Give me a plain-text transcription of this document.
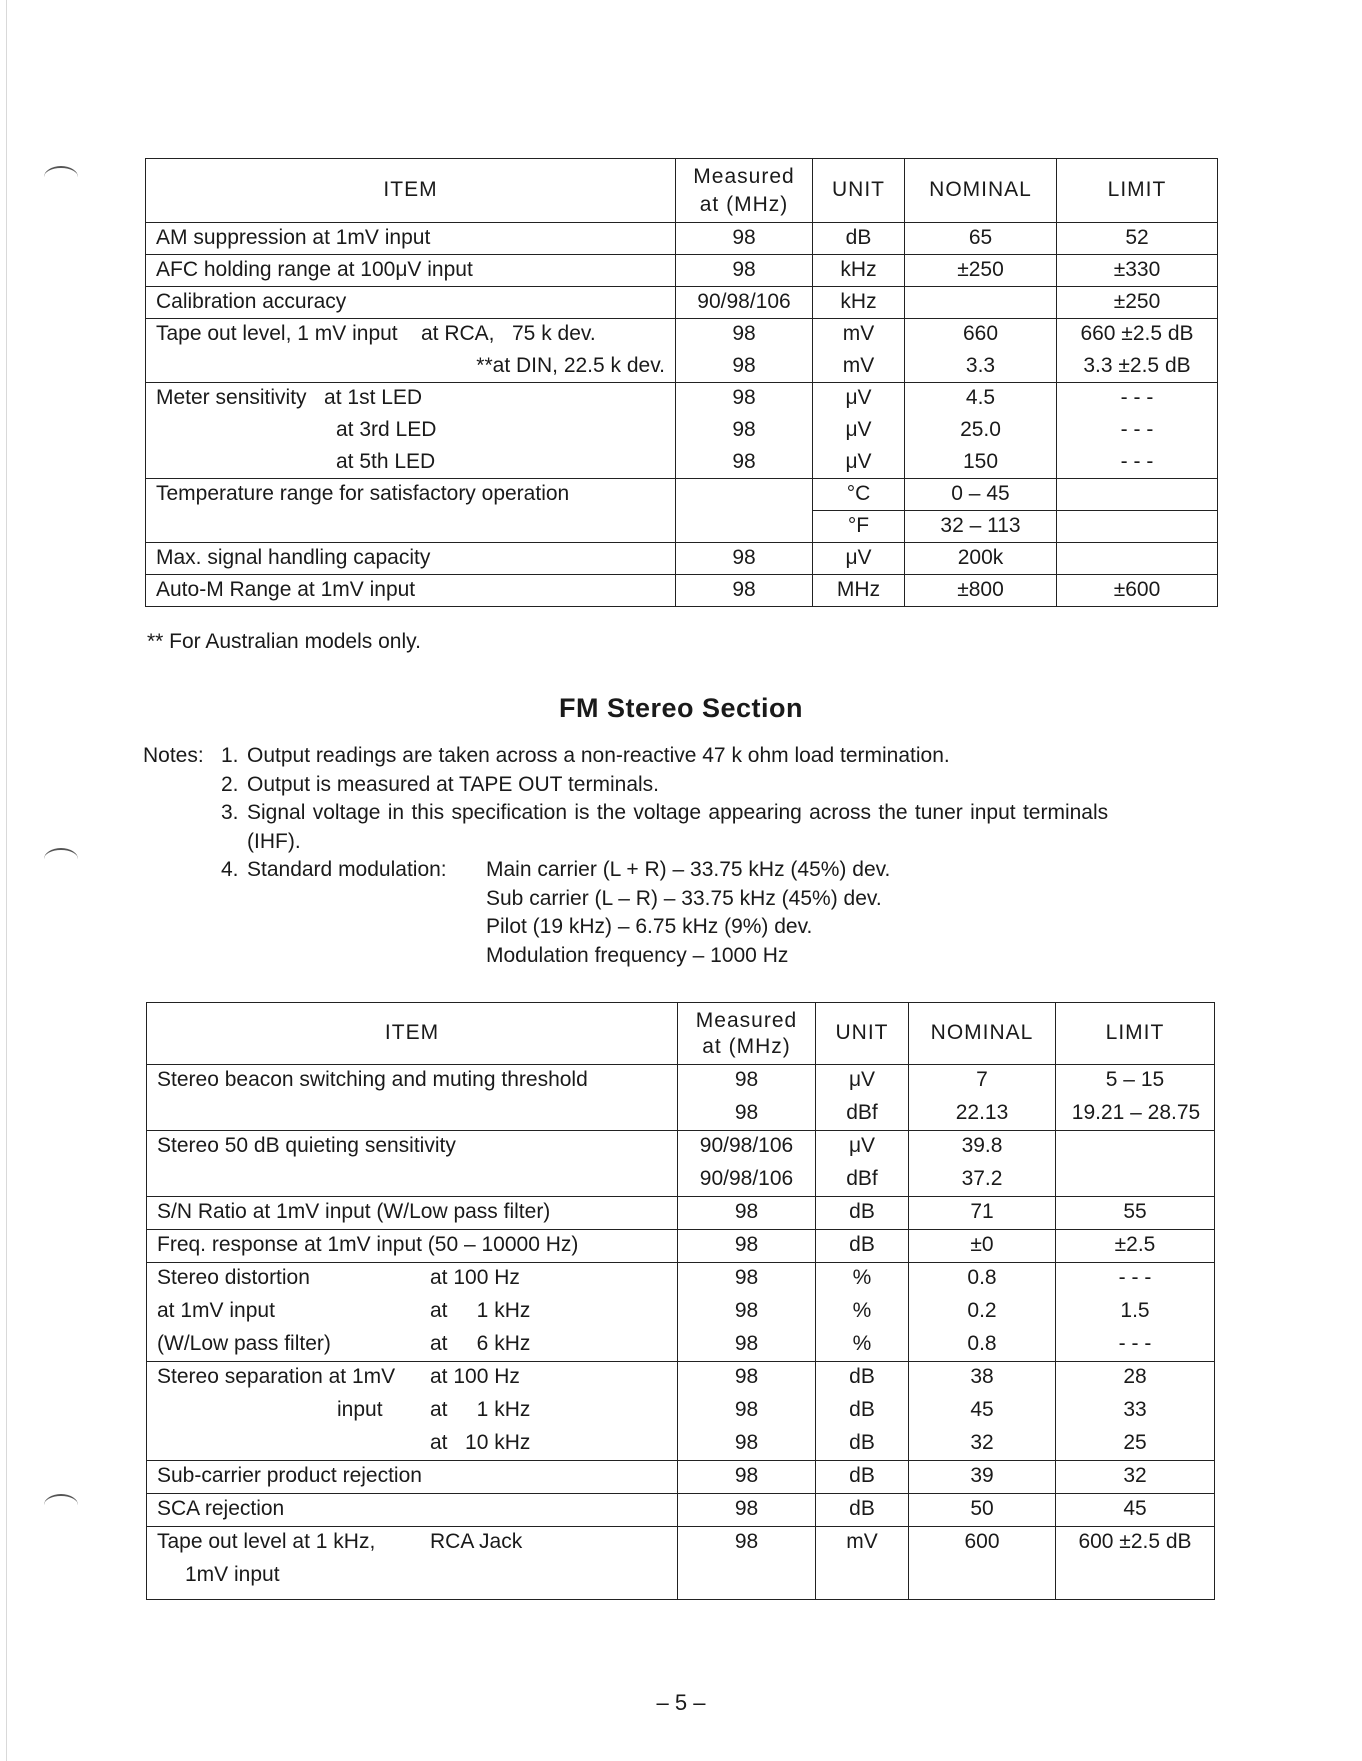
ITEM	Measured at (MHz)	UNIT	NOMINAL	LIMIT
AM suppression at 1mV input	98	dB	65	52
AFC holding range at 100μV input	98	kHz	±250	±330
Calibration accuracy	90/98/106	kHz		±250
Tape out level, 1 mV input    at RCA,   75 k dev.	98	mV	660	660 ±2.5 dB
**at DIN, 22.5 k dev.	98	mV	3.3	3.3 ±2.5 dB
Meter sensitivity   at 1st LED	98	μV	4.5	- - -
at 3rd LED	98	μV	25.0	- - -
at 5th LED	98	μV	150	- - -
Temperature range for satisfactory operation		°C	0 – 45	
		°F	32 – 113	
Max. signal handling capacity	98	μV	200k	
Auto-M Range at 1mV input	98	MHz	±800	±600
** For Australian models only.
FM Stereo Section
Notes: 1. Output readings are taken across a non-reactive 47 k ohm load termination.
2. Output is measured at TAPE OUT terminals.
3. Signal voltage in this specification is the voltage appearing across the tuner input terminals
(IHF).
4. Standard modulation: Main carrier (L + R) – 33.75 kHz (45%) dev.
Sub carrier (L – R) – 33.75 kHz (45%) dev.
Pilot (19 kHz) – 6.75 kHz (9%) dev.
Modulation frequency – 1000 Hz
ITEM	Measured at (MHz)	UNIT	NOMINAL	LIMIT
Stereo beacon switching and muting threshold	98	μV	7	5 – 15

	98	dBf	22.13	19.21 – 28.75
Stereo 50 dB quieting sensitivity	90/98/106	μV	39.8	

	90/98/106	dBf	37.2	
S/N Ratio at 1mV input (W/Low pass filter)	98	dB	71	55
Freq. response at 1mV input (50 – 10000 Hz)	98	dB	±0	±2.5
Stereo distortion at 100 Hz	98	%	0.8	- - -
at 1mV input at     1 kHz	98	%	0.2	1.5
(W/Low pass filter) at     6 kHz	98	%	0.8	- - -
Stereo separation at 1mV at 100 Hz	98	dB	38	28
input at     1 kHz	98	dB	45	33

at   10 kHz	98	dB	32	25
Sub-carrier product rejection	98	dB	39	32
SCA rejection	98	dB	50	45
Tape out level at 1 kHz, RCA Jack	98	mV	600	600 ±2.5 dB
1mV input

– 5 –
